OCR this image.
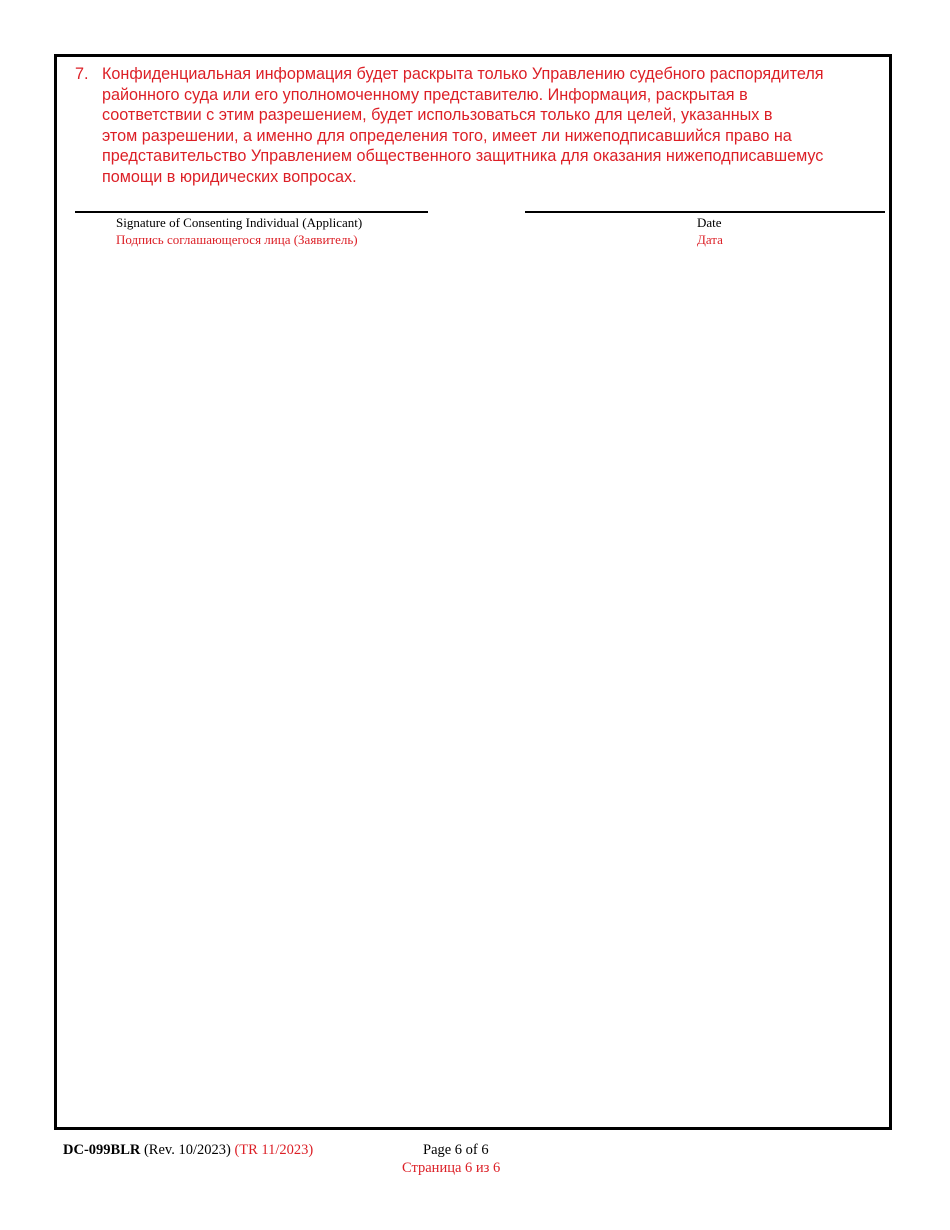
7. Конфиденциальная информация будет раскрыта только Управлению судебного распорядителя
районного суда или его уполномоченному представителю. Информация, раскрытая в
соответствии с этим разрешением, будет использоваться только для целей, указанных в
этом разрешении, а именно для определения того, имеет ли нижеподписавшийся право на
представительство Управлением общественного защитника для оказания нижеподписавшемус
помощи в юридических вопросах.
Signature of Consenting Individual (Applicant)
Подпись соглашающегося лица (Заявитель)
Date
Дата
DC-099BLR (Rev. 10/2023) (TR 11/2023)	Page 6 of 6
Страница 6 из 6
